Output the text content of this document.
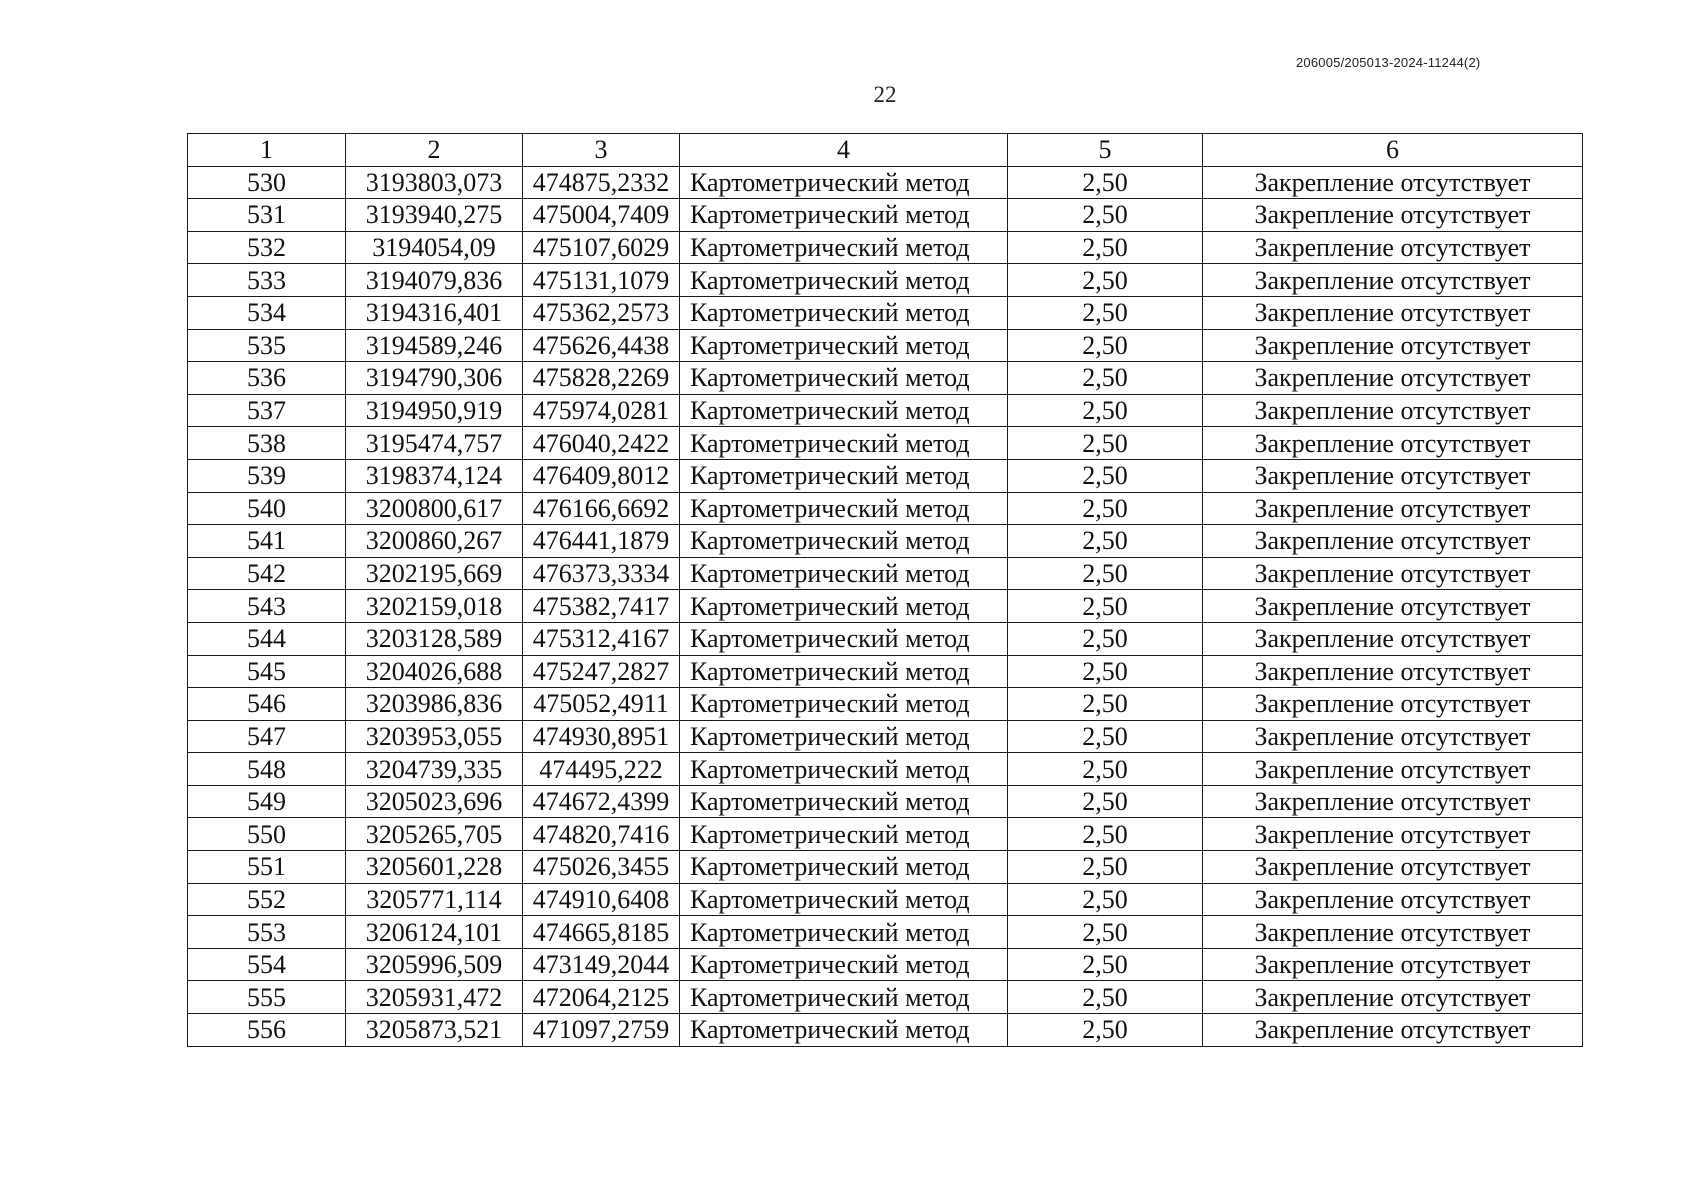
206005/205013-2024-11244(2)
22
1	2	3	4	5	6
530	3193803,073	474875,2332	Картометрический метод	2,50	Закрепление отсутствует
531	3193940,275	475004,7409	Картометрический метод	2,50	Закрепление отсутствует
532	3194054,09	475107,6029	Картометрический метод	2,50	Закрепление отсутствует
533	3194079,836	475131,1079	Картометрический метод	2,50	Закрепление отсутствует
534	3194316,401	475362,2573	Картометрический метод	2,50	Закрепление отсутствует
535	3194589,246	475626,4438	Картометрический метод	2,50	Закрепление отсутствует
536	3194790,306	475828,2269	Картометрический метод	2,50	Закрепление отсутствует
537	3194950,919	475974,0281	Картометрический метод	2,50	Закрепление отсутствует
538	3195474,757	476040,2422	Картометрический метод	2,50	Закрепление отсутствует
539	3198374,124	476409,8012	Картометрический метод	2,50	Закрепление отсутствует
540	3200800,617	476166,6692	Картометрический метод	2,50	Закрепление отсутствует
541	3200860,267	476441,1879	Картометрический метод	2,50	Закрепление отсутствует
542	3202195,669	476373,3334	Картометрический метод	2,50	Закрепление отсутствует
543	3202159,018	475382,7417	Картометрический метод	2,50	Закрепление отсутствует
544	3203128,589	475312,4167	Картометрический метод	2,50	Закрепление отсутствует
545	3204026,688	475247,2827	Картометрический метод	2,50	Закрепление отсутствует
546	3203986,836	475052,4911	Картометрический метод	2,50	Закрепление отсутствует
547	3203953,055	474930,8951	Картометрический метод	2,50	Закрепление отсутствует
548	3204739,335	474495,222	Картометрический метод	2,50	Закрепление отсутствует
549	3205023,696	474672,4399	Картометрический метод	2,50	Закрепление отсутствует
550	3205265,705	474820,7416	Картометрический метод	2,50	Закрепление отсутствует
551	3205601,228	475026,3455	Картометрический метод	2,50	Закрепление отсутствует
552	3205771,114	474910,6408	Картометрический метод	2,50	Закрепление отсутствует
553	3206124,101	474665,8185	Картометрический метод	2,50	Закрепление отсутствует
554	3205996,509	473149,2044	Картометрический метод	2,50	Закрепление отсутствует
555	3205931,472	472064,2125	Картометрический метод	2,50	Закрепление отсутствует
556	3205873,521	471097,2759	Картометрический метод	2,50	Закрепление отсутствует
